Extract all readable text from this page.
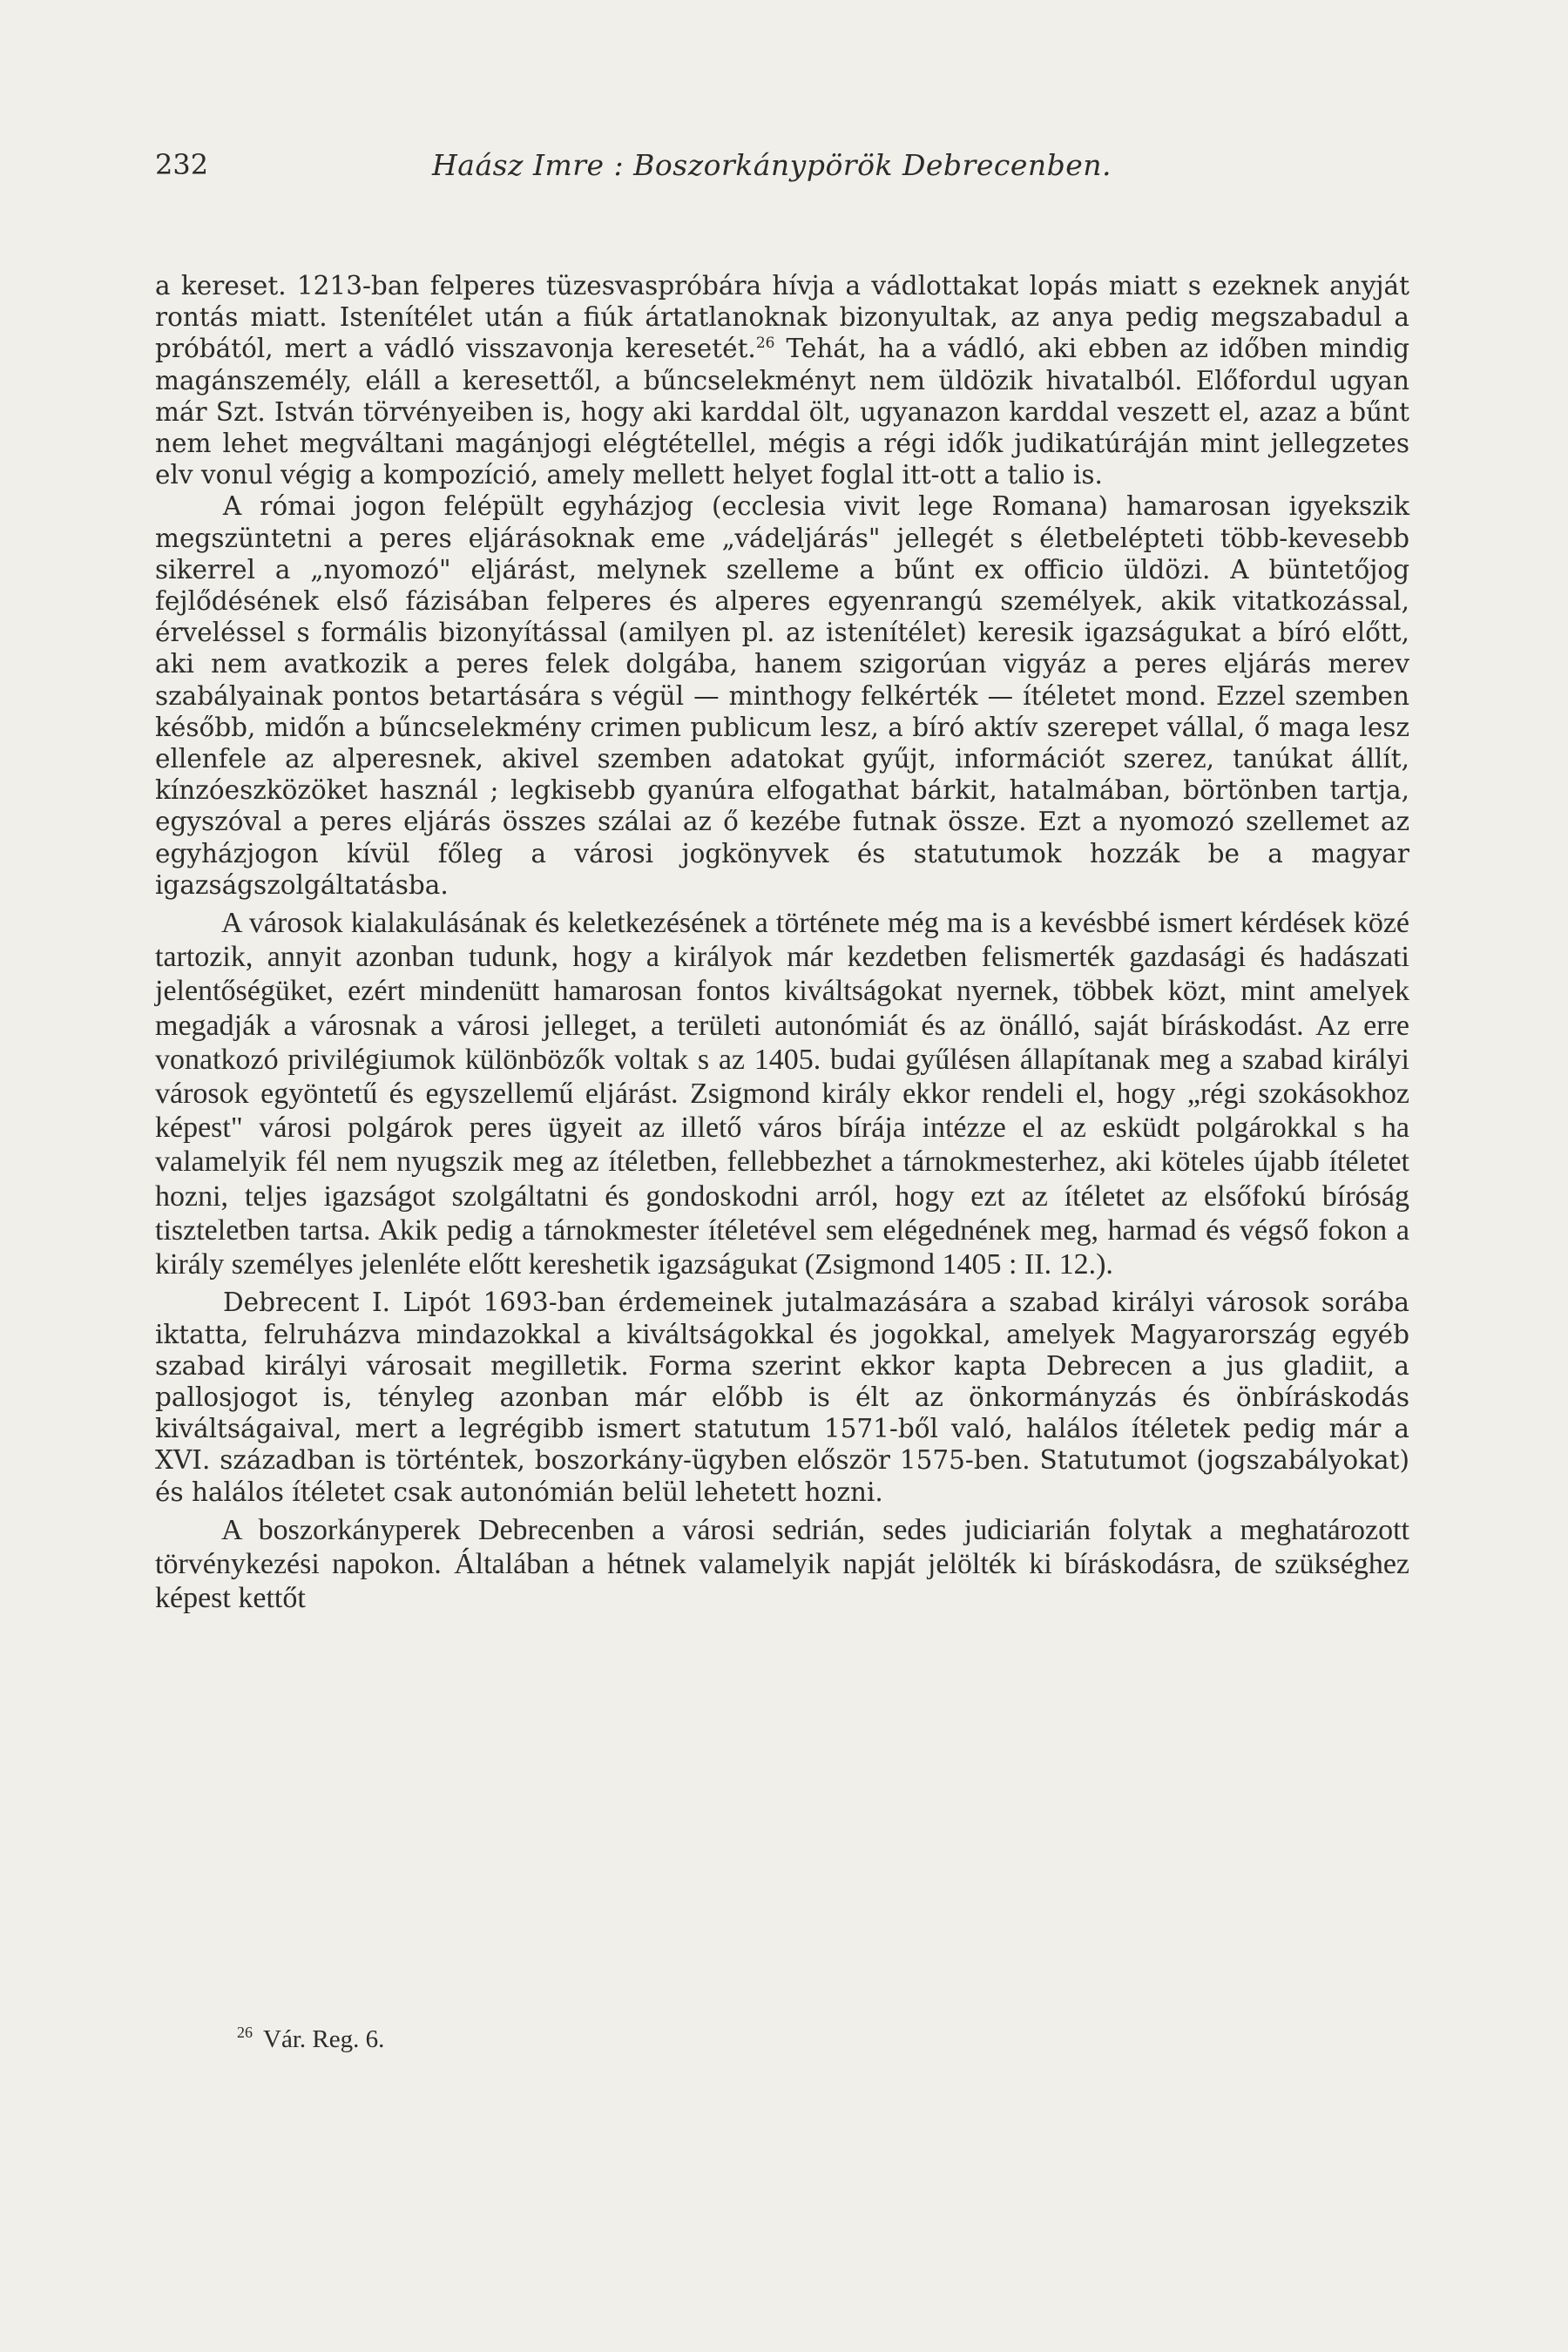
232	Haász Imre : Boszorkánypörök Debrecenben.

a kereset. 1213-ban felperes tüzesvaspróbára hívja a vádlottakat lopás miatt s ezeknek anyját rontás miatt. Istenítélet után a fiúk ártatlanoknak bizonyultak, az anya pedig megszabadul a próbától, mert a vádló visszavonja keresetét.$^{26}$ Tehát, ha a vádló, aki ebben az időben mindig magánszemély, eláll a keresettől, a bűncselekményt nem üldözik hivatalból. Előfordul ugyan már Szt. István törvényeiben is, hogy aki karddal ölt, ugyanazon karddal veszett el, azaz a bűnt nem lehet megváltani magánjogi elégtétellel, mégis a régi idők judikatúráján mint jellegzetes elv vonul végig a kompozíció, amely mellett helyet foglal itt-ott a talio is.

A római jogon felépült egyházjog (ecclesia vivit lege Romana) hamarosan igyekszik megszüntetni a peres eljárásoknak eme „vádeljárás" jellegét s életbelépteti több-kevesebb sikerrel a „nyomozó" eljárást, melynek szelleme a bűnt ex officio üldözi. A büntetőjog fejlődésének első fázisában felperes és alperes egyenrangú személyek, akik vitatkozással, érveléssel s formális bizonyítással (amilyen pl. az istenítélet) keresik igazságukat a bíró előtt, aki nem avatkozik a peres felek dolgába, hanem szigorúan vigyáz a peres eljárás merev szabályainak pontos betartására s végül — minthogy felkérték — ítéletet mond. Ezzel szemben később, midőn a bűncselekmény crimen publicum lesz, a bíró aktív szerepet vállal, ő maga lesz ellenfele az alperesnek, akivel szemben adatokat gyűjt, információt szerez, tanúkat állít, kínzóeszközöket használ ; legkisebb gyanúra elfogathat bárkit, hatalmában, börtönben tartja, egyszóval a peres eljárás összes szálai az ő kezébe futnak össze. Ezt a nyomozó szellemet az egyházjogon kívül főleg a városi jogkönyvek és statutumok hozzák be a magyar igazságszolgáltatásba.

A városok kialakulásának és keletkezésének a története még ma is a kevésbbé ismert kérdések közé tartozik, annyit azonban tudunk, hogy a királyok már kezdetben felismerték gazdasági és hadászati jelentőségüket, ezért mindenütt hamarosan fontos kiváltságokat nyernek, többek közt, mint amelyek megadják a városnak a városi jelleget, a területi autonómiát és az önálló, saját bíráskodást. Az erre vonatkozó privilégiumok különbözők voltak s az 1405. budai gyűlésen állapítanak meg a szabad királyi városok egyöntetű és egyszellemű eljárást. Zsigmond király ekkor rendeli el, hogy „régi szokásokhoz képest" városi polgárok peres ügyeit az illető város bírája intézze el az esküdt polgárokkal s ha valamelyik fél nem nyugszik meg az ítéletben, fellebbezhet a tárnokmesterhez, aki köteles újabb ítéletet hozni, teljes igazságot szolgáltatni és gondoskodni arról, hogy ezt az ítéletet az elsőfokú bíróság tiszteletben tartsa. Akik pedig a tárnokmester ítéletével sem elégednének meg, harmad és végső fokon a király személyes jelenléte előtt kereshetik igazságukat (Zsigmond 1405 : II. 12.).

Debrecent I. Lipót 1693-ban érdemeinek jutalmazására a szabad királyi városok sorába iktatta, felruházva mindazokkal a kiváltságokkal és jogokkal, amelyek Magyarország egyéb szabad királyi városait megilletik. Forma szerint ekkor kapta Debrecen a jus gladiit, a pallosjogot is, tényleg azonban már előbb is élt az önkormányzás és önbíráskodás kiváltságaival, mert a legrégibb ismert statutum 1571-ből való, halálos ítéletek pedig már a XVI. században is történtek, boszorkány-ügyben először 1575-ben. Statutumot (jogszabályokat) és halálos ítéletet csak autonómián belül lehetett hozni.

A boszorkányperek Debrecenben a városi sedrián, sedes judiciarián folytak a meghatározott törvénykezési napokon. Általában a hétnek valamelyik napját jelölték ki bíráskodásra, de szükséghez képest kettőt

$^{26}$ Vár. Reg. 6.
